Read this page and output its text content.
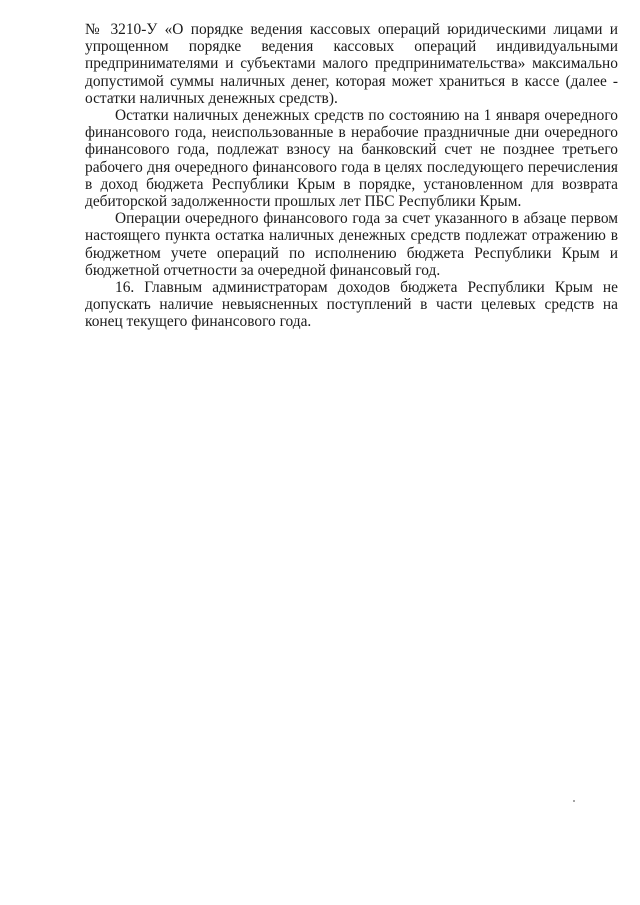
№ 3210-У «О порядке ведения кассовых операций юридическими лицами и упрощенном порядке ведения кассовых операций индивидуальными предпринимателями и субъектами малого предпринимательства» максимально допустимой суммы наличных денег, которая может храниться в кассе (далее - остатки наличных денежных средств).

Остатки наличных денежных средств по состоянию на 1 января очередного финансового года, неиспользованные в нерабочие праздничные дни очередного финансового года, подлежат взносу на банковский счет не позднее третьего рабочего дня очередного финансового года в целях последующего перечисления в доход бюджета Республики Крым в порядке, установленном для возврата дебиторской задолженности прошлых лет ПБС Республики Крым.

Операции очередного финансового года за счет указанного в абзаце первом настоящего пункта остатка наличных денежных средств подлежат отражению в бюджетном учете операций по исполнению бюджета Республики Крым и бюджетной отчетности за очередной финансовый год.

16. Главным администраторам доходов бюджета Республики Крым не допускать наличие невыясненных поступлений в части целевых средств на конец текущего финансового года.
